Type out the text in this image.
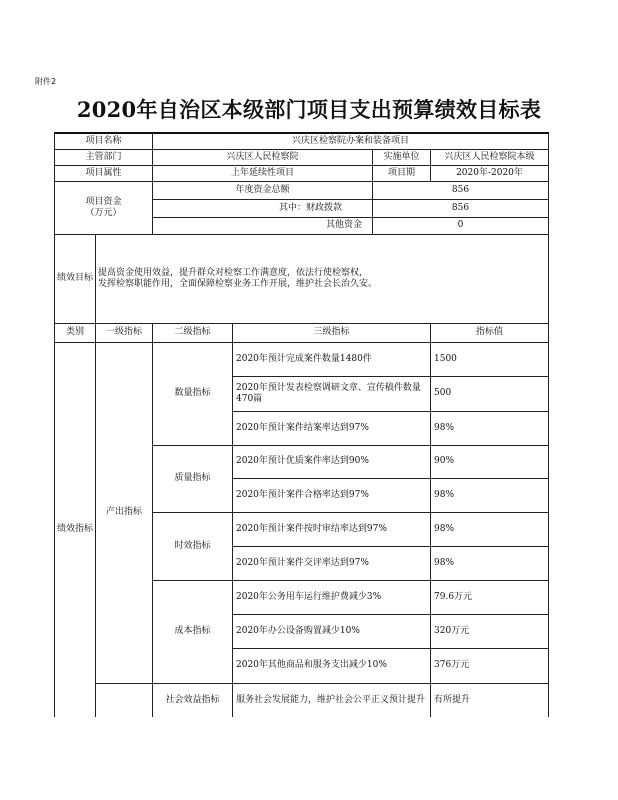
附件2
2020年自治区本级部门项目支出预算绩效目标表
项目名称		兴庆区检察院办案和装备项目			
主管部门		兴庆区人民检察院		实施单位	兴庆区人民检察院本级
项目属性		上年延续性项目		项目期	2020年-2020年
项目资金
（万元）		年度资金总额		856	
		其中：财政拨款		856	
		其他资金		0	
绩效目标	提高资金使用效益，提升群众对检察工作满意度，依法行使检察权，
发挥检察职能作用，全面保障检察业务工作开展，维护社会长治久安。				

类别	一级指标	二级指标	三级指标		指标值
绩效指标	产出指标	数量指标	2020年预计完成案件数量1480件		1500
			2020年预计发表检察调研文章、宣传稿件数量470篇		500
			2020年预计案件结案率达到97%		98%
		质量指标	2020年预计优质案件率达到90%		90%
			2020年预计案件合格率达到97%		98%
		时效指标	2020年预计案件按时审结率达到97%		98%
			2020年预计案件交评率达到97%		98%
		成本指标	2020年公务用车运行维护费减少3%		79.6万元
			2020年办公设备购置减少10%		320万元
			2020年其他商品和服务支出减少10%		376万元
		社会效益指标	服务社会发展能力，维护社会公平正义预计提升		有所提升
